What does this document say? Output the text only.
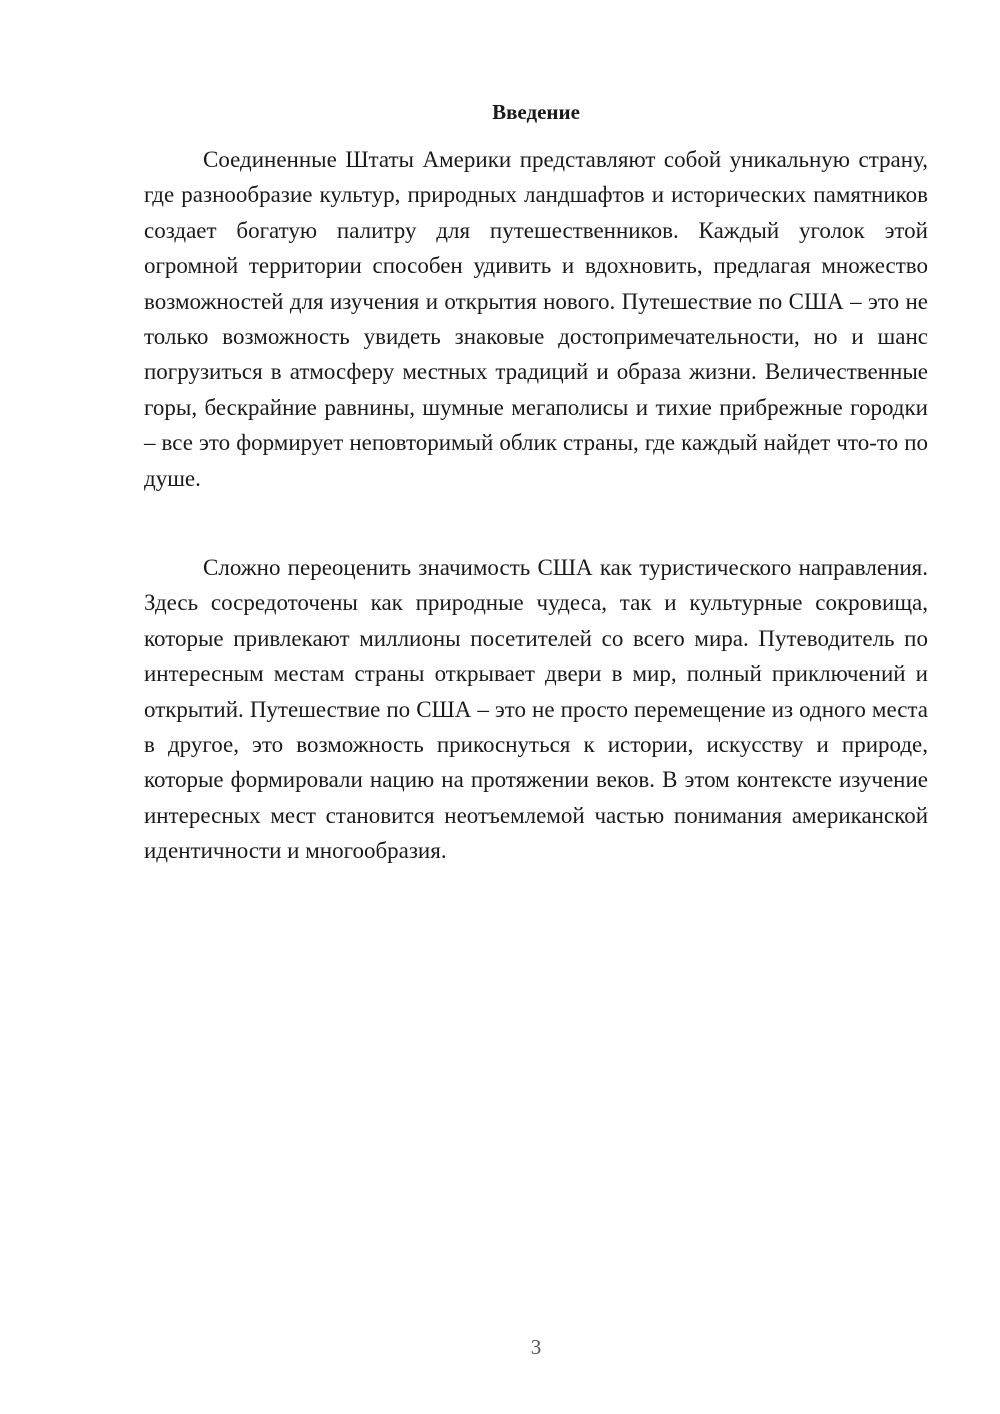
Введение

Соединенные Штаты Америки представляют собой уникальную страну, где разнообразие культур, природных ландшафтов и исторических памятников создает богатую палитру для путешественников. Каждый уголок этой огромной территории способен удивить и вдохновить, предлагая множество возможностей для изучения и открытия нового. Путешествие по США – это не только возможность увидеть знаковые достопримечательности, но и шанс погрузиться в атмосферу местных традиций и образа жизни. Величественные горы, бескрайние равнины, шумные мегаполисы и тихие прибрежные городки – все это формирует неповторимый облик страны, где каждый найдет что-то по душе.

Сложно переоценить значимость США как туристического направления. Здесь сосредоточены как природные чудеса, так и культурные сокровища, которые привлекают миллионы посетителей со всего мира. Путеводитель по интересным местам страны открывает двери в мир, полный приключений и открытий. Путешествие по США – это не просто перемещение из одного места в другое, это возможность прикоснуться к истории, искусству и природе, которые формировали нацию на протяжении веков. В этом контексте изучение интересных мест становится неотъемлемой частью понимания американской идентичности и многообразия.

3
